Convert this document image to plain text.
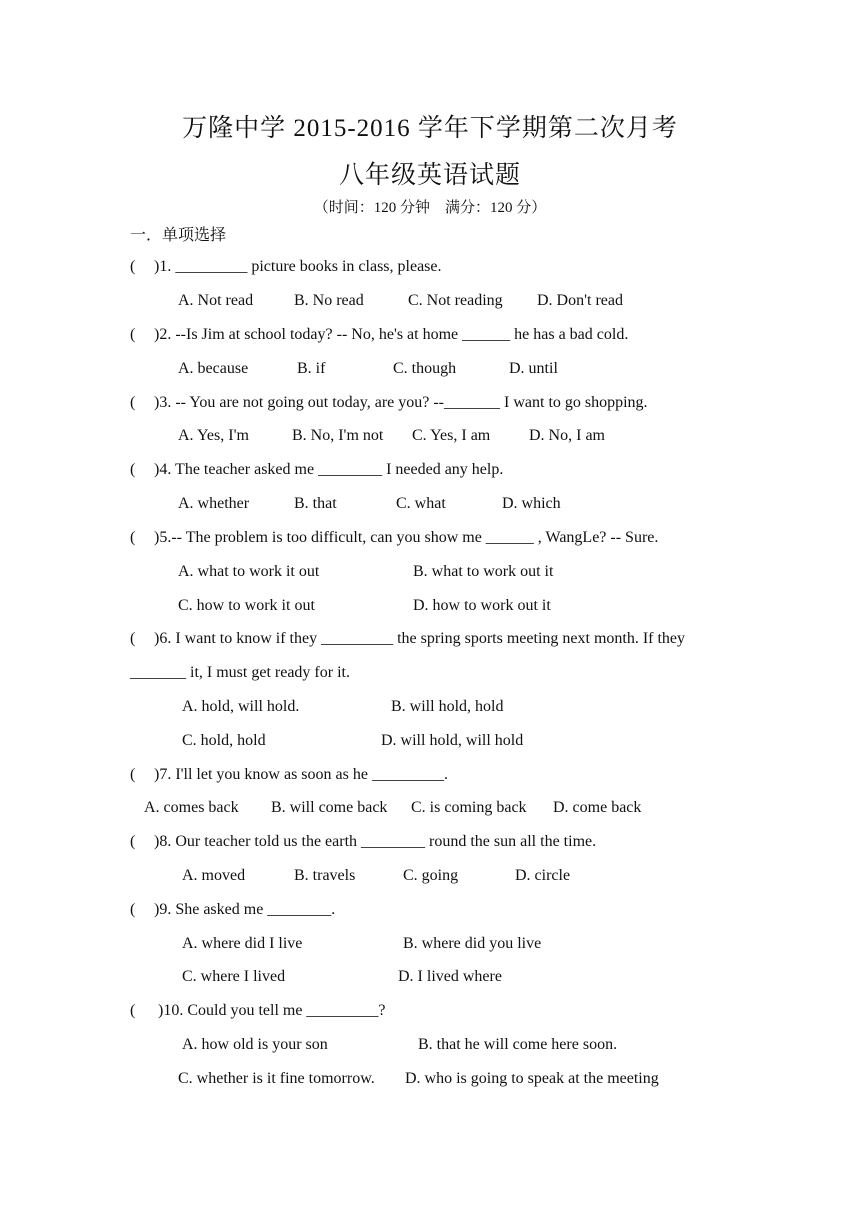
万隆中学 2015-2016 学年下学期第二次月考
八年级英语试题
（时间：120 分钟　满分：120 分）
一．单项选择
( )1. _________ picture books in class, please.
A. Not read	B. No read	C. Not reading D. Don't read
( )2. --Is Jim at school today? -- No, he's at home ______ he has a bad cold.
A. because	B. if	C. though	D. until
( )3. -- You are not going out today, are you? --_______ I want to go shopping.
A. Yes, I'm	B. No, I'm not C. Yes, I am D. No, I am
( )4. The teacher asked me ________ I needed any help.
A. whether	B. that	C. what	D. which
( )5.-- The problem is too difficult, can you show me ______ , WangLe? -- Sure.
A. what to work it out	B. what to work out it
C. how to work it out	D. how to work out it
( )6. I want to know if they _________ the spring sports meeting next month. If they
_______ it, I must get ready for it.
A. hold, will hold.	B. will hold, hold
C. hold, hold	D. will hold, will hold
( )7. I'll let you know as soon as he _________.
A. comes back B. will come back C. is coming back D. come back
( )8. Our teacher told us the earth ________ round the sun all the time.
A. moved	B. travels	C. going	D. circle
( )9. She asked me ________.
A. where did I live	B. where did you live
C. where I lived	D. I lived where
( )10. Could you tell me _________?
A. how old is your son	B. that he will come here soon.
C. whether is it fine tomorrow. D. who is going to speak at the meeting
